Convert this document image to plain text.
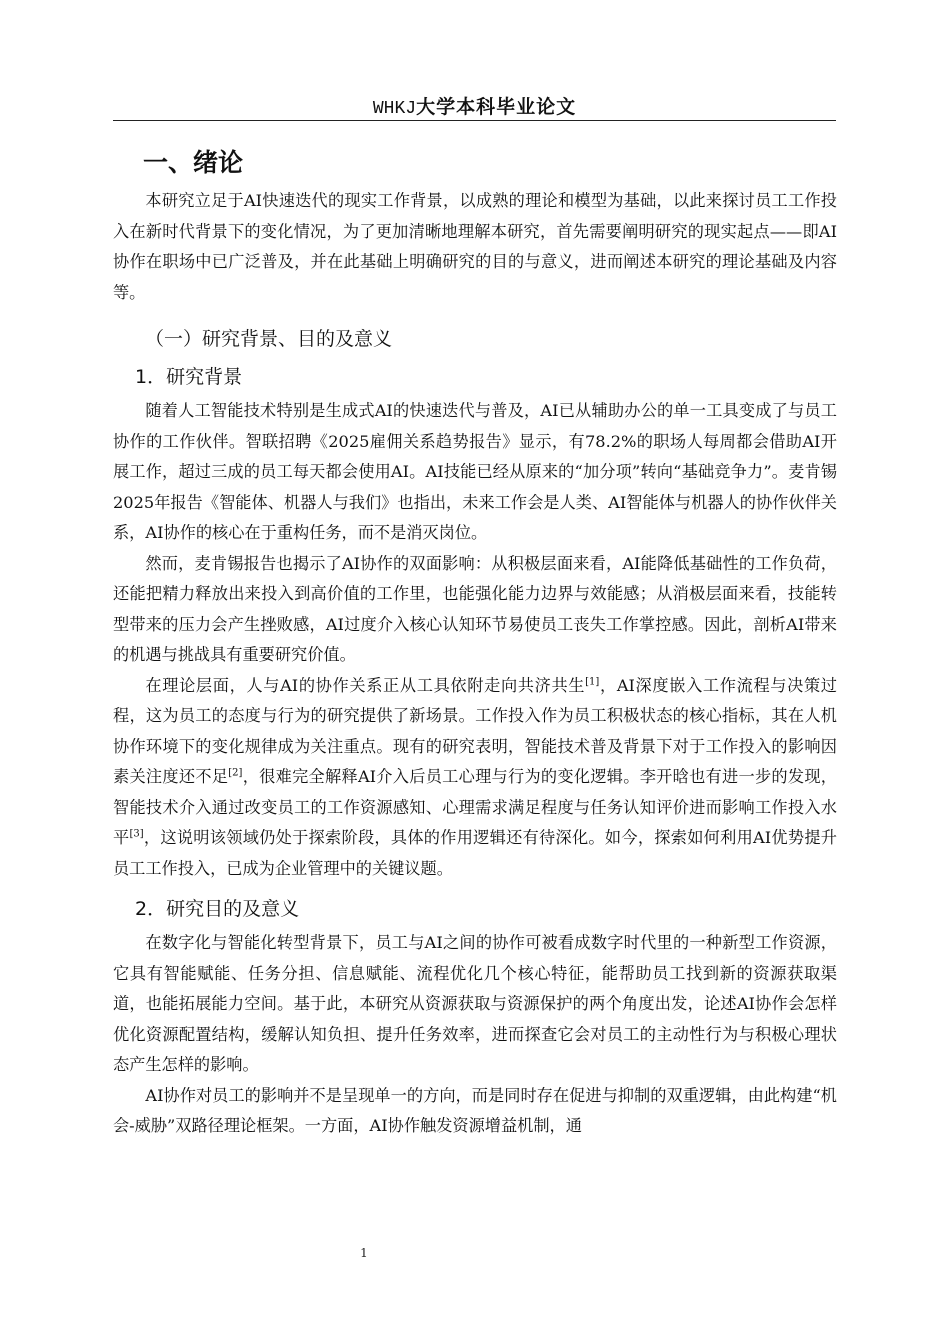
WHKJ大学本科毕业论文
一、绪论

本研究立足于AI快速迭代的现实工作背景，以成熟的理论和模型为基础，以此来探讨员工工作投入在新时代背景下的变化情况，为了更加清晰地理解本研究，首先需要阐明研究的现实起点——即AI协作在职场中已广泛普及，并在此基础上明确研究的目的与意义，进而阐述本研究的理论基础及内容等。

（一）研究背景、目的及意义
1．研究背景

随着人工智能技术特别是生成式AI的快速迭代与普及，AI已从辅助办公的单一工具变成了与员工协作的工作伙伴。智联招聘《2025雇佣关系趋势报告》显示，有78.2%的职场人每周都会借助AI开展工作，超过三成的员工每天都会使用AI。AI技能已经从原来的“加分项”转向“基础竞争力”。麦肯锡2025年报告《智能体、机器人与我们》也指出，未来工作会是人类、AI智能体与机器人的协作伙伴关系，AI协作的核心在于重构任务，而不是消灭岗位。

然而，麦肯锡报告也揭示了AI协作的双面影响：从积极层面来看，AI能降低基础性的工作负荷，还能把精力释放出来投入到高价值的工作里，也能强化能力边界与效能感；从消极层面来看，技能转型带来的压力会产生挫败感，AI过度介入核心认知环节易使员工丧失工作掌控感。因此，剖析AI带来的机遇与挑战具有重要研究价值。

在理论层面，人与AI的协作关系正从工具依附走向共济共生[1]，AI深度嵌入工作流程与决策过程，这为员工的态度与行为的研究提供了新场景。工作投入作为员工积极状态的核心指标，其在人机协作环境下的变化规律成为关注重点。现有的研究表明，智能技术普及背景下对于工作投入的影响因素关注度还不足[2]，很难完全解释AI介入后员工心理与行为的变化逻辑。李开晗也有进一步的发现，智能技术介入通过改变员工的工作资源感知、心理需求满足程度与任务认知评价进而影响工作投入水平[3]，这说明该领域仍处于探索阶段，具体的作用逻辑还有待深化。如今，探索如何利用AI优势提升员工工作投入，已成为企业管理中的关键议题。

2．研究目的及意义

在数字化与智能化转型背景下，员工与AI之间的协作可被看成数字时代里的一种新型工作资源，它具有智能赋能、任务分担、信息赋能、流程优化几个核心特征，能帮助员工找到新的资源获取渠道，也能拓展能力空间。基于此，本研究从资源获取与资源保护的两个角度出发，论述AI协作会怎样优化资源配置结构，缓解认知负担、提升任务效率，进而探查它会对员工的主动性行为与积极心理状态产生怎样的影响。

AI协作对员工的影响并不是呈现单一的方向，而是同时存在促进与抑制的双重逻辑，由此构建“机会-威胁”双路径理论框架。一方面，AI协作触发资源增益机制，通

1
